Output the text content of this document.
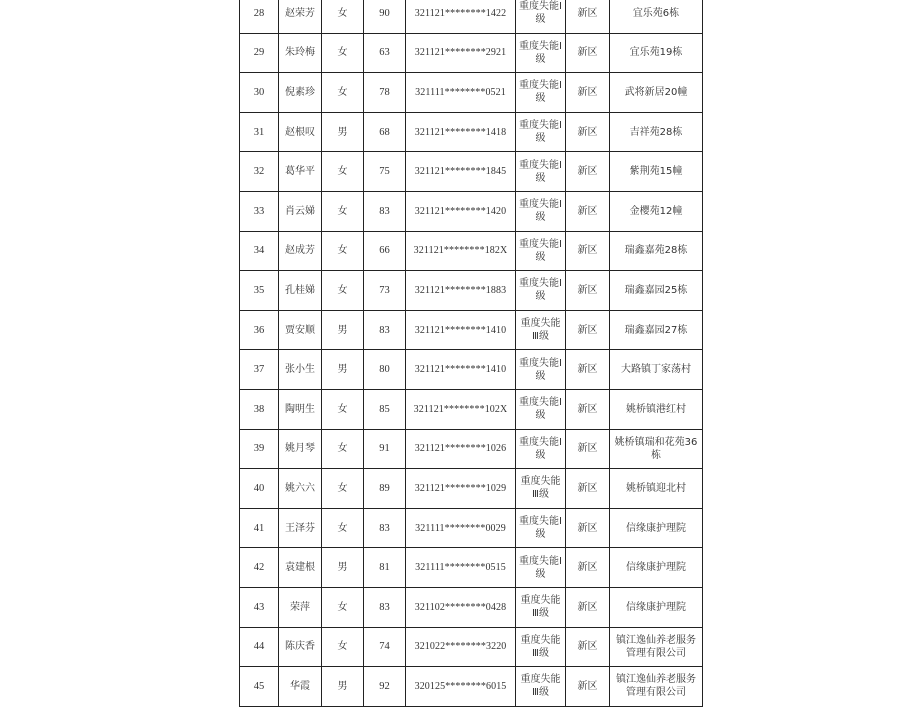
28	赵荣芳	女	90	321121********1422	重度失能Ⅰ级	新区	宜乐苑6栋
29	朱玲梅	女	63	321121********2921	重度失能Ⅰ级	新区	宜乐苑19栋
30	倪素珍	女	78	321111********0521	重度失能Ⅰ级	新区	武将新居20幢
31	赵根叹	男	68	321121********1418	重度失能Ⅰ级	新区	吉祥苑28栋
32	葛华平	女	75	321121********1845	重度失能Ⅰ级	新区	紫荆苑15幢
33	肖云娣	女	83	321121********1420	重度失能Ⅰ级	新区	金樱苑12幢
34	赵成芳	女	66	321121********182X	重度失能Ⅰ级	新区	瑞鑫嘉苑28栋
35	孔桂娣	女	73	321121********1883	重度失能Ⅰ级	新区	瑞鑫嘉园25栋
36	贾安顺	男	83	321121********1410	重度失能Ⅲ级	新区	瑞鑫嘉园27栋
37	张小生	男	80	321121********1410	重度失能Ⅰ级	新区	大路镇丁家荡村
38	陶明生	女	85	321121********102X	重度失能Ⅰ级	新区	姚桥镇港红村
39	姚月琴	女	91	321121********1026	重度失能Ⅰ级	新区	姚桥镇瑞和花苑36栋
40	姚六六	女	89	321121********1029	重度失能Ⅲ级	新区	姚桥镇迎北村
41	王泽芬	女	83	321111********0029	重度失能Ⅰ级	新区	信缘康护理院
42	袁建根	男	81	321111********0515	重度失能Ⅰ级	新区	信缘康护理院
43	荣萍	女	83	321102********0428	重度失能Ⅲ级	新区	信缘康护理院
44	陈庆香	女	74	321022********3220	重度失能Ⅲ级	新区	镇江逸仙养老服务管理有限公司
45	华霞	男	92	320125********6015	重度失能Ⅲ级	新区	镇江逸仙养老服务管理有限公司
